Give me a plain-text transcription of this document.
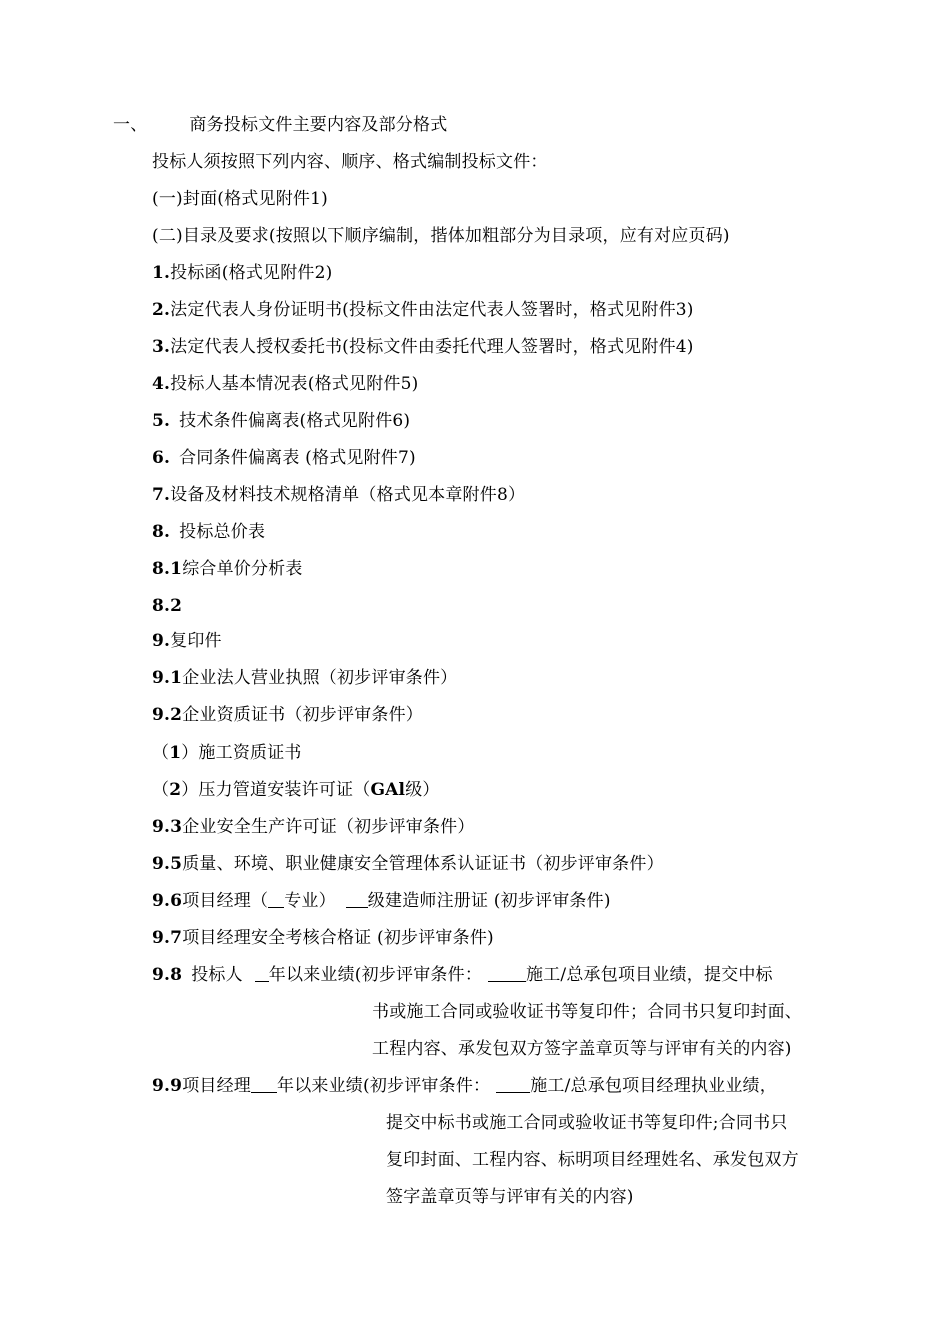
一、 商务投标文件主要内容及部分格式
投标人须按照下列内容、顺序、格式编制投标文件：
(一)封面(格式见附件1)
(二)目录及要求(按照以下顺序编制，揩体加粗部分为目录项，应有对应页码)
1.投标函(格式见附件2)
2.法定代表人身份证明书(投标文件由法定代表人签署时，格式见附件3)
3.法定代表人授权委托书(投标文件由委托代理人签署时，格式见附件4)
4.投标人基本情况表(格式见附件5)
5. 技术条件偏离表(格式见附件6)
6. 合同条件偏离表 (格式见附件7)
7.设备及材料技术规格清单（格式见本章附件8）
8. 投标总价表
8.1综合单价分析表
8.2
9.复印件
9.1企业法人营业执照（初步评审条件）
9.2企业资质证书（初步评审条件）
（1）施工资质证书
（2）压力管道安装许可证（GAl级）
9.3企业安全生产许可证（初步评审条件）
9.5质量、环境、职业健康安全管理体系认证证书（初步评审条件）
9.6项目经理（ 专业） 级建造师注册证 (初步评审条件)
9.7项目经理安全考核合格证 (初步评审条件)
9.8 投标人 年以来业绩(初步评审条件：	施工/总承包项目业绩，提交中标
书或施工合同或验收证书等复印件；合同书只复印封面、
工程内容、承发包双方签字盖章页等与评审有关的内容)
9.9项目经理 年以来业绩(初步评审条件： 施工/总承包项目经理执业业绩，
提交中标书或施工合同或验收证书等复印件;合同书只
复印封面、工程内容、标明项目经理姓名、承发包双方
签字盖章页等与评审有关的内容)
